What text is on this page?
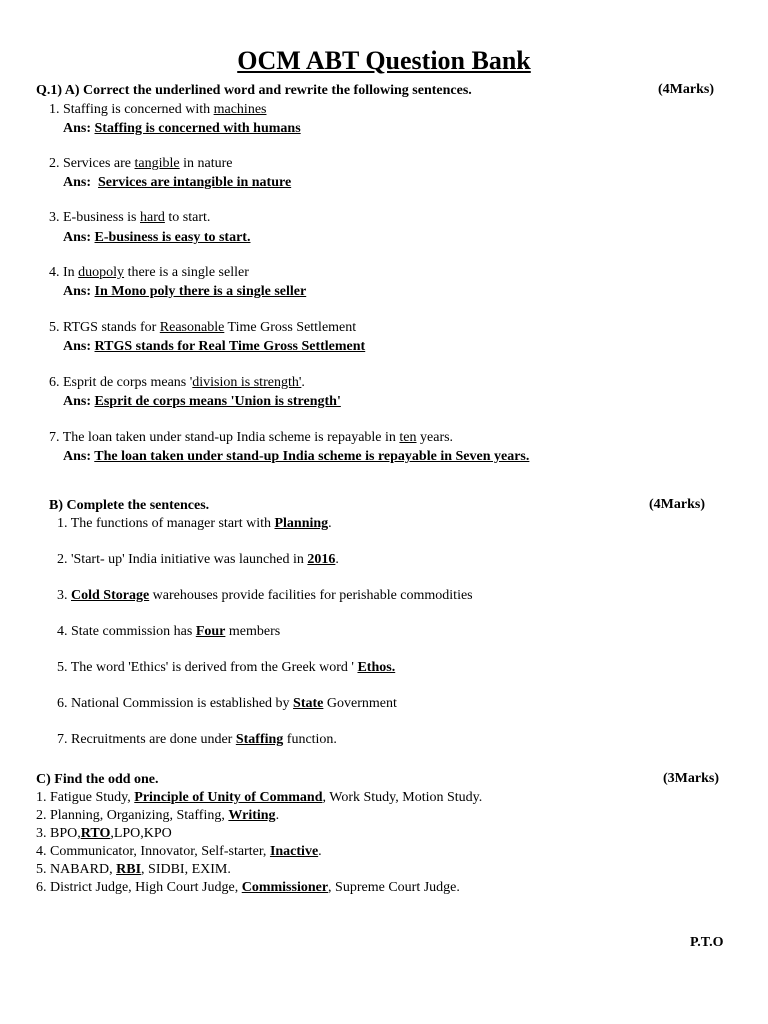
OCM ABT Question Bank
Q.1) A) Correct the underlined word and rewrite the following sentences.	(4Marks)
1. Staffing is concerned with machines
Ans: Staffing is concerned with humans
2. Services are tangible in nature
Ans: Services are intangible in nature
3. E-business is hard to start.
Ans: E-business is easy to start.
4. In duopoly there is a single seller
Ans: In Mono poly there is a single seller
5. RTGS stands for Reasonable Time Gross Settlement
Ans: RTGS stands for Real Time Gross Settlement
6. Esprit de corps means 'division is strength'.
Ans: Esprit de corps means 'Union is strength'
7. The loan taken under stand-up India scheme is repayable in ten years.
Ans: The loan taken under stand-up India scheme is repayable in Seven years.
B) Complete the sentences.	(4Marks)
1. The functions of manager start with Planning.
2. 'Start- up' India initiative was launched in 2016.
3. Cold Storage warehouses provide facilities for perishable commodities
4. State commission has Four members
5. The word 'Ethics' is derived from the Greek word ' Ethos.
6. National Commission is established by State Government
7. Recruitments are done under Staffing function.
C) Find the odd one.	(3Marks)
1. Fatigue Study, Principle of Unity of Command, Work Study, Motion Study.
2. Planning, Organizing, Staffing, Writing.
3. BPO,RTO,LPO,KPO
4. Communicator, Innovator, Self-starter, Inactive.
5. NABARD, RBI, SIDBI, EXIM.
6. District Judge, High Court Judge, Commissioner, Supreme Court Judge.
P.T.O
